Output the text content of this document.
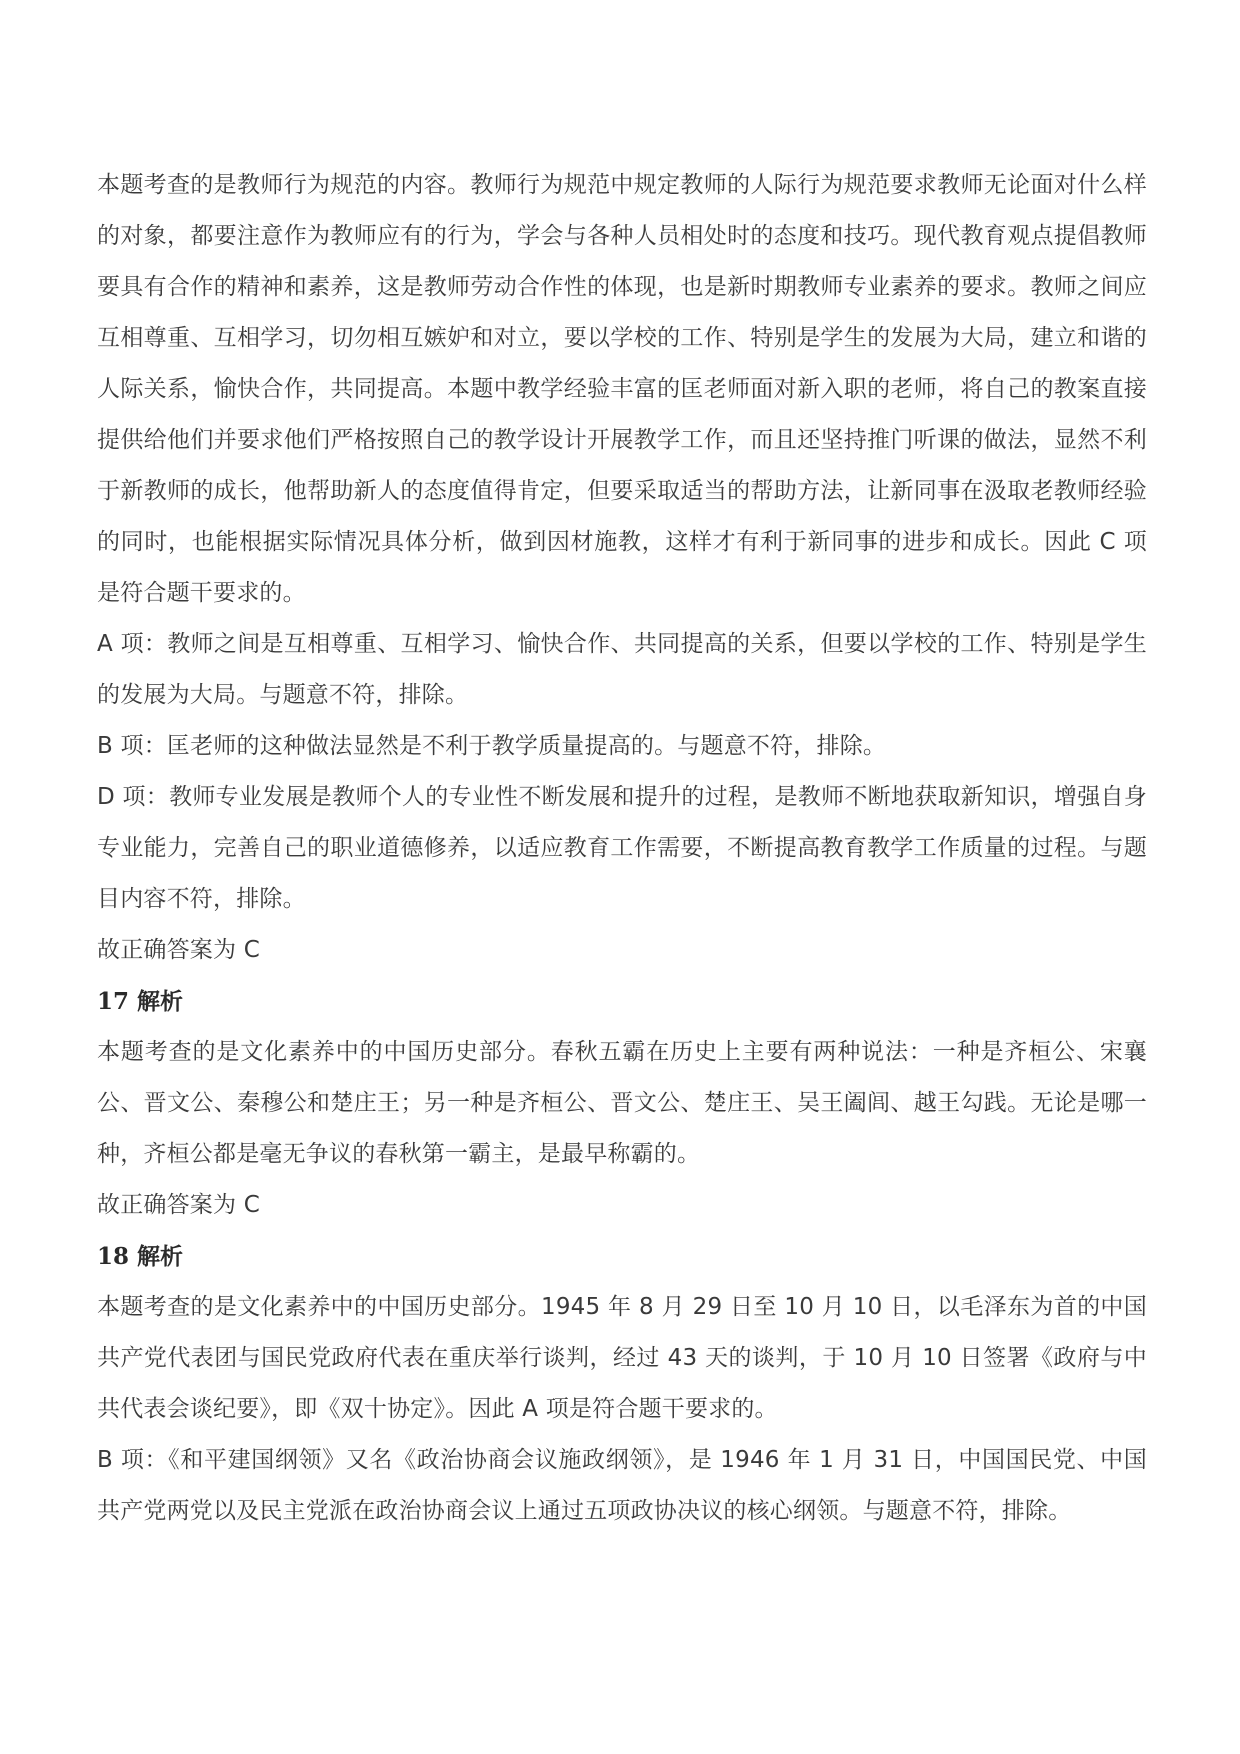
本题考查的是教师行为规范的内容。教师行为规范中规定教师的人际行为规范要求教师无论面对什么样的对象，都要注意作为教师应有的行为，学会与各种人员相处时的态度和技巧。现代教育观点提倡教师要具有合作的精神和素养，这是教师劳动合作性的体现，也是新时期教师专业素养的要求。教师之间应互相尊重、互相学习，切勿相互嫉妒和对立，要以学校的工作、特别是学生的发展为大局，建立和谐的人际关系，愉快合作，共同提高。本题中教学经验丰富的匡老师面对新入职的老师，将自己的教案直接提供给他们并要求他们严格按照自己的教学设计开展教学工作，而且还坚持推门听课的做法，显然不利于新教师的成长，他帮助新人的态度值得肯定，但要采取适当的帮助方法，让新同事在汲取老教师经验的同时，也能根据实际情况具体分析，做到因材施教，这样才有利于新同事的进步和成长。因此 C 项是符合题干要求的。

A 项：教师之间是互相尊重、互相学习、愉快合作、共同提高的关系，但要以学校的工作、特别是学生的发展为大局。与题意不符，排除。

B 项：匡老师的这种做法显然是不利于教学质量提高的。与题意不符，排除。

D 项：教师专业发展是教师个人的专业性不断发展和提升的过程，是教师不断地获取新知识，增强自身专业能力，完善自己的职业道德修养，以适应教育工作需要，不断提高教育教学工作质量的过程。与题目内容不符，排除。

故正确答案为 C

17 解析

本题考查的是文化素养中的中国历史部分。春秋五霸在历史上主要有两种说法：一种是齐桓公、宋襄公、晋文公、秦穆公和楚庄王；另一种是齐桓公、晋文公、楚庄王、吴王阖闾、越王勾践。无论是哪一种，齐桓公都是毫无争议的春秋第一霸主，是最早称霸的。

故正确答案为 C

18 解析

本题考查的是文化素养中的中国历史部分。1945 年 8 月 29 日至 10 月 10 日，以毛泽东为首的中国共产党代表团与国民党政府代表在重庆举行谈判，经过 43 天的谈判，于 10 月 10 日签署《政府与中共代表会谈纪要》，即《双十协定》。因此 A 项是符合题干要求的。

B 项：《和平建国纲领》又名《政治协商会议施政纲领》，是 1946 年 1 月 31 日，中国国民党、中国共产党两党以及民主党派在政治协商会议上通过五项政协决议的核心纲领。与题意不符，排除。
